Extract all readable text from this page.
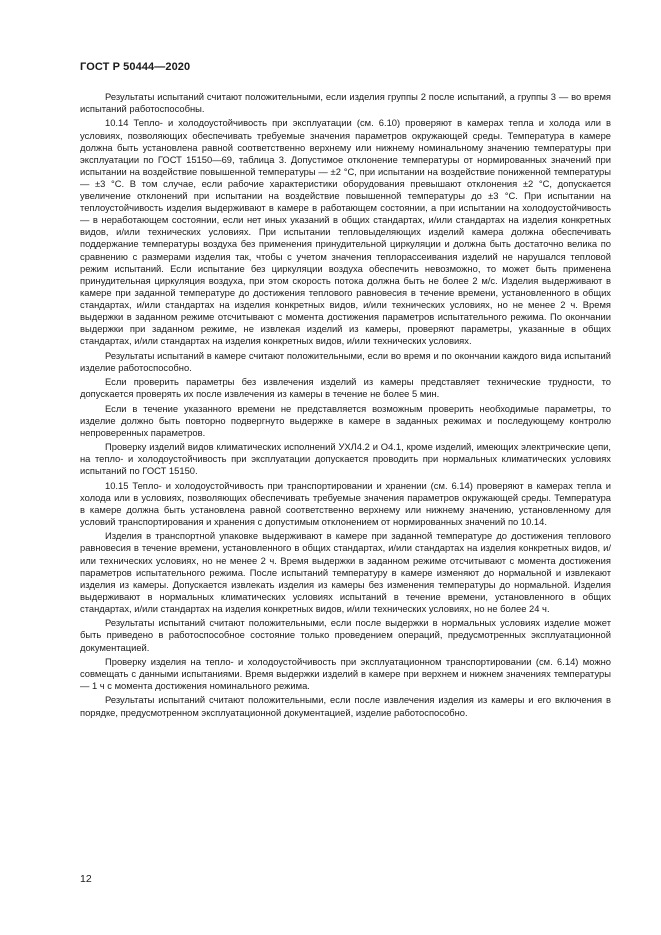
ГОСТ Р 50444—2020

Результаты испытаний считают положительными, если изделия группы 2 после испытаний, а группы 3 — во время испытаний работоспособны.

10.14 Тепло- и холодоустойчивость при эксплуатации (см. 6.10) проверяют в камерах тепла и холода или в условиях, позволяющих обеспечивать требуемые значения параметров окружающей среды. Температура в камере должна быть установлена равной соответственно верхнему или нижнему номинальному значению температуры при эксплуатации по ГОСТ 15150—69, таблица 3. Допустимое отклонение температуры от нормированных значений при испытании на воздействие повышенной температуры — ±2 °С, при испытании на воздействие пониженной температуры — ±3 °С. В том случае, если рабочие характеристики оборудования превышают отклонения ±2 °С, допускается увеличение отклонений при испытании на воздействие повышенной температуры до ±3 °С. При испытании на теплоустойчивость изделия выдерживают в камере в работающем состоянии, а при испытании на холодоустойчивость — в неработающем состоянии, если нет иных указаний в общих стандартах, и/или стандартах на изделия конкретных видов, и/или технических условиях. При испытании тепловыделяющих изделий камера должна обеспечивать поддержание температуры воздуха без применения принудительной циркуляции и должна быть достаточно велика по сравнению с размерами изделия так, чтобы с учетом значения теплорассеивания изделий не нарушался тепловой режим испытаний. Если испытание без циркуляции воздуха обеспечить невозможно, то может быть применена принудительная циркуляция воздуха, при этом скорость потока должна быть не более 2 м/с. Изделия выдерживают в камере при заданной температуре до достижения теплового равновесия в течение времени, установленного в общих стандартах, и/или стандартах на изделия конкретных видов, и/или технических условиях, но не менее 2 ч. Время выдержки в заданном режиме отсчитывают с момента достижения параметров испытательного режима. По окончании выдержки при заданном режиме, не извлекая изделий из камеры, проверяют параметры, указанные в общих стандартах, и/или стандартах на изделия конкретных видов, и/или технических условиях.

Результаты испытаний в камере считают положительными, если во время и по окончании каждого вида испытаний изделие работоспособно.

Если проверить параметры без извлечения изделий из камеры представляет технические трудности, то допускается проверять их после извлечения из камеры в течение не более 5 мин.

Если в течение указанного времени не представляется возможным проверить необходимые параметры, то изделие должно быть повторно подвергнуто выдержке в камере в заданных режимах и последующему контролю непроверенных параметров.

Проверку изделий видов климатических исполнений УХЛ4.2 и О4.1, кроме изделий, имеющих электрические цепи, на тепло- и холодоустойчивость при эксплуатации допускается проводить при нормальных климатических условиях испытаний по ГОСТ 15150.

10.15 Тепло- и холодоустойчивость при транспортировании и хранении (см. 6.14) проверяют в камерах тепла и холода или в условиях, позволяющих обеспечивать требуемые значения параметров окружающей среды. Температура в камере должна быть установлена равной соответственно верхнему или нижнему значению, установленному для условий транспортирования и хранения с допустимым отклонением от нормированных значений по 10.14.

Изделия в транспортной упаковке выдерживают в камере при заданной температуре до достижения теплового равновесия в течение времени, установленного в общих стандартах, и/или стандартах на изделия конкретных видов, и/или технических условиях, но не менее 2 ч. Время выдержки в заданном режиме отсчитывают с момента достижения параметров испытательного режима. После испытаний температуру в камере изменяют до нормальной и извлекают изделия из камеры. Допускается извлекать изделия из камеры без изменения температуры до нормальной. Изделия выдерживают в нормальных климатических условиях испытаний в течение времени, установленного в общих стандартах, и/или стандартах на изделия конкретных видов, и/или технических условиях, но не более 24 ч.

Результаты испытаний считают положительными, если после выдержки в нормальных условиях изделие может быть приведено в работоспособное состояние только проведением операций, предусмотренных эксплуатационной документацией.

Проверку изделия на тепло- и холодоустойчивость при эксплуатационном транспортировании (см. 6.14) можно совмещать с данными испытаниями. Время выдержки изделий в камере при верхнем и нижнем значениях температуры — 1 ч с момента достижения номинального режима.

Результаты испытаний считают положительными, если после извлечения изделия из камеры и его включения в порядке, предусмотренном эксплуатационной документацией, изделие работоспособно.

12
